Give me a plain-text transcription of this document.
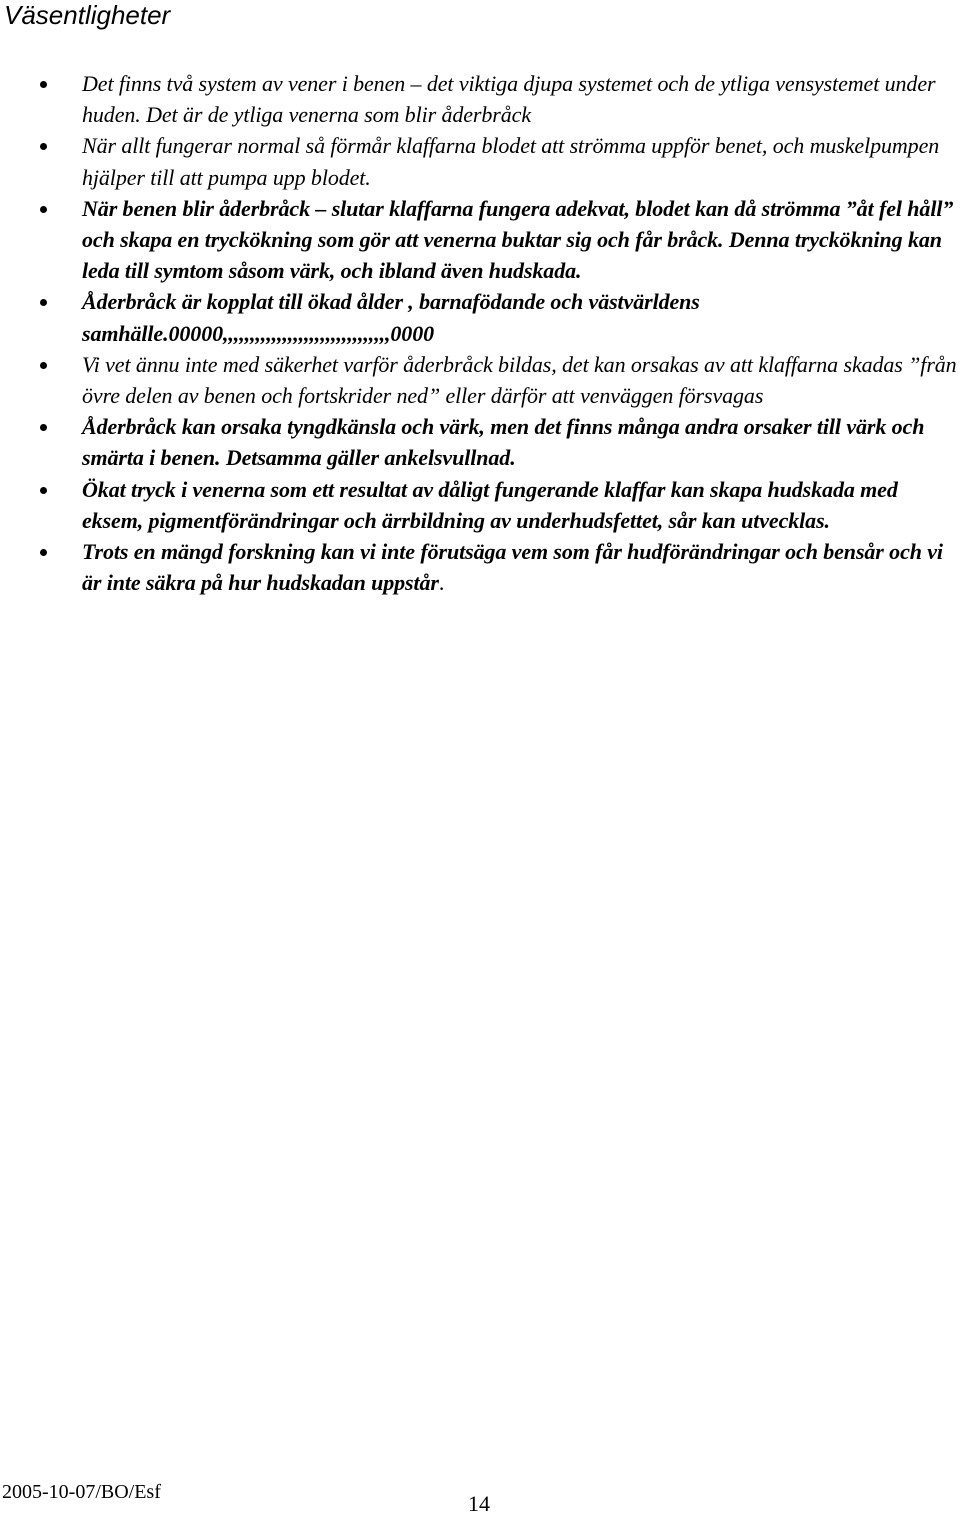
Väsentligheter
Det finns två system av vener i benen – det viktiga djupa systemet och de ytliga vensystemet under huden. Det är de ytliga venerna som blir åderbråck
När allt fungerar normal så förmår klaffarna blodet att strömma uppför benet, och muskelpumpen hjälper till att pumpa upp blodet.
När benen blir åderbråck – slutar klaffarna fungera adekvat, blodet kan då strömma ”åt fel håll” och skapa en tryckökning som gör att venerna buktar sig och får bråck. Denna tryckökning kan leda till symtom såsom värk, och ibland även hudskada.
Åderbråck är kopplat till ökad ålder , barnafödande och västvärldens samhälle.00000,,,,,,,,,,,,,,,,,,,,,,,,,,,,,,,0000
Vi vet ännu inte med säkerhet varför åderbråck bildas, det kan orsakas av att klaffarna skadas ”från övre delen av benen och fortskrider ned” eller därför att venväggen försvagas
Åderbråck kan orsaka tyngdkänsla och värk, men det finns många andra orsaker till värk och smärta i benen. Detsamma gäller ankelsvullnad.
Ökat tryck i venerna som ett resultat av dåligt fungerande klaffar kan skapa hudskada med eksem, pigmentförändringar och ärrbildning av underhudsfettet, sår kan utvecklas.
Trots en mängd forskning kan vi inte förutsäga vem som får hudförändringar och bensår och vi är inte säkra på hur hudskadan uppstår.
2005-10-07/BO/Esf	14
